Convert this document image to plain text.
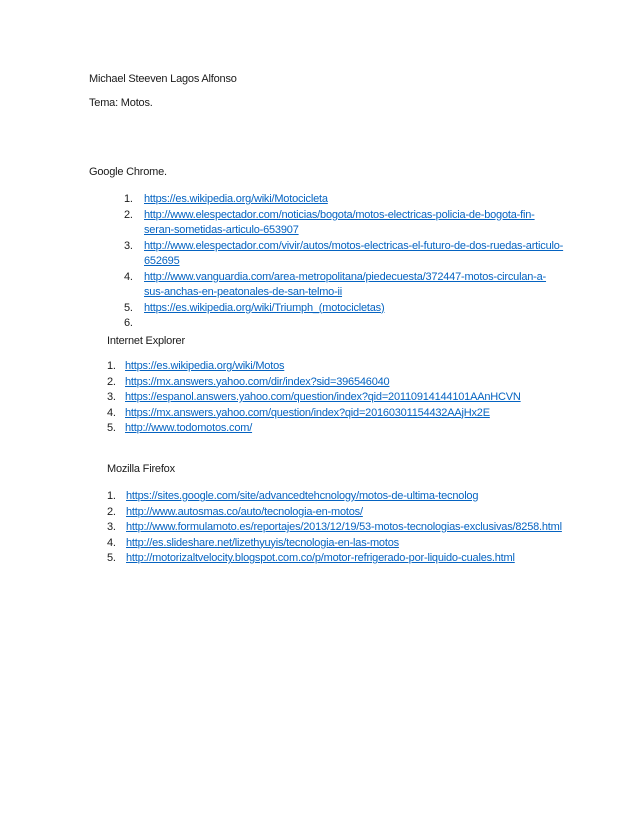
Michael Steeven Lagos Alfonso
Tema: Motos.
Google Chrome.
1. https://es.wikipedia.org/wiki/Motocicleta
2. http://www.elespectador.com/noticias/bogota/motos-electricas-policia-de-bogota-fin-seran-sometidas-articulo-653907
3. http://www.elespectador.com/vivir/autos/motos-electricas-el-futuro-de-dos-ruedas-articulo-652695
4. http://www.vanguardia.com/area-metropolitana/piedecuesta/372447-motos-circulan-a-sus-anchas-en-peatonales-de-san-telmo-ii
5. https://es.wikipedia.org/wiki/Triumph_(motocicletas)
6.

Internet Explorer
1. https://es.wikipedia.org/wiki/Motos
2. https://mx.answers.yahoo.com/dir/index?sid=396546040
3. https://espanol.answers.yahoo.com/question/index?qid=20110914144101AAnHCVN
4. https://mx.answers.yahoo.com/question/index?qid=20160301154432AAjHx2E
5. http://www.todomotos.com/
Mozilla Firefox
1. https://sites.google.com/site/advancedtehcnology/motos-de-ultima-tecnolog
2. http://www.autosmas.co/auto/tecnologia-en-motos/
3. http://www.formulamoto.es/reportajes/2013/12/19/53-motos-tecnologias-exclusivas/8258.html
4. http://es.slideshare.net/lizethyuyis/tecnologia-en-las-motos
5. http://motorizaltvelocity.blogspot.com.co/p/motor-refrigerado-por-liquido-cuales.html
